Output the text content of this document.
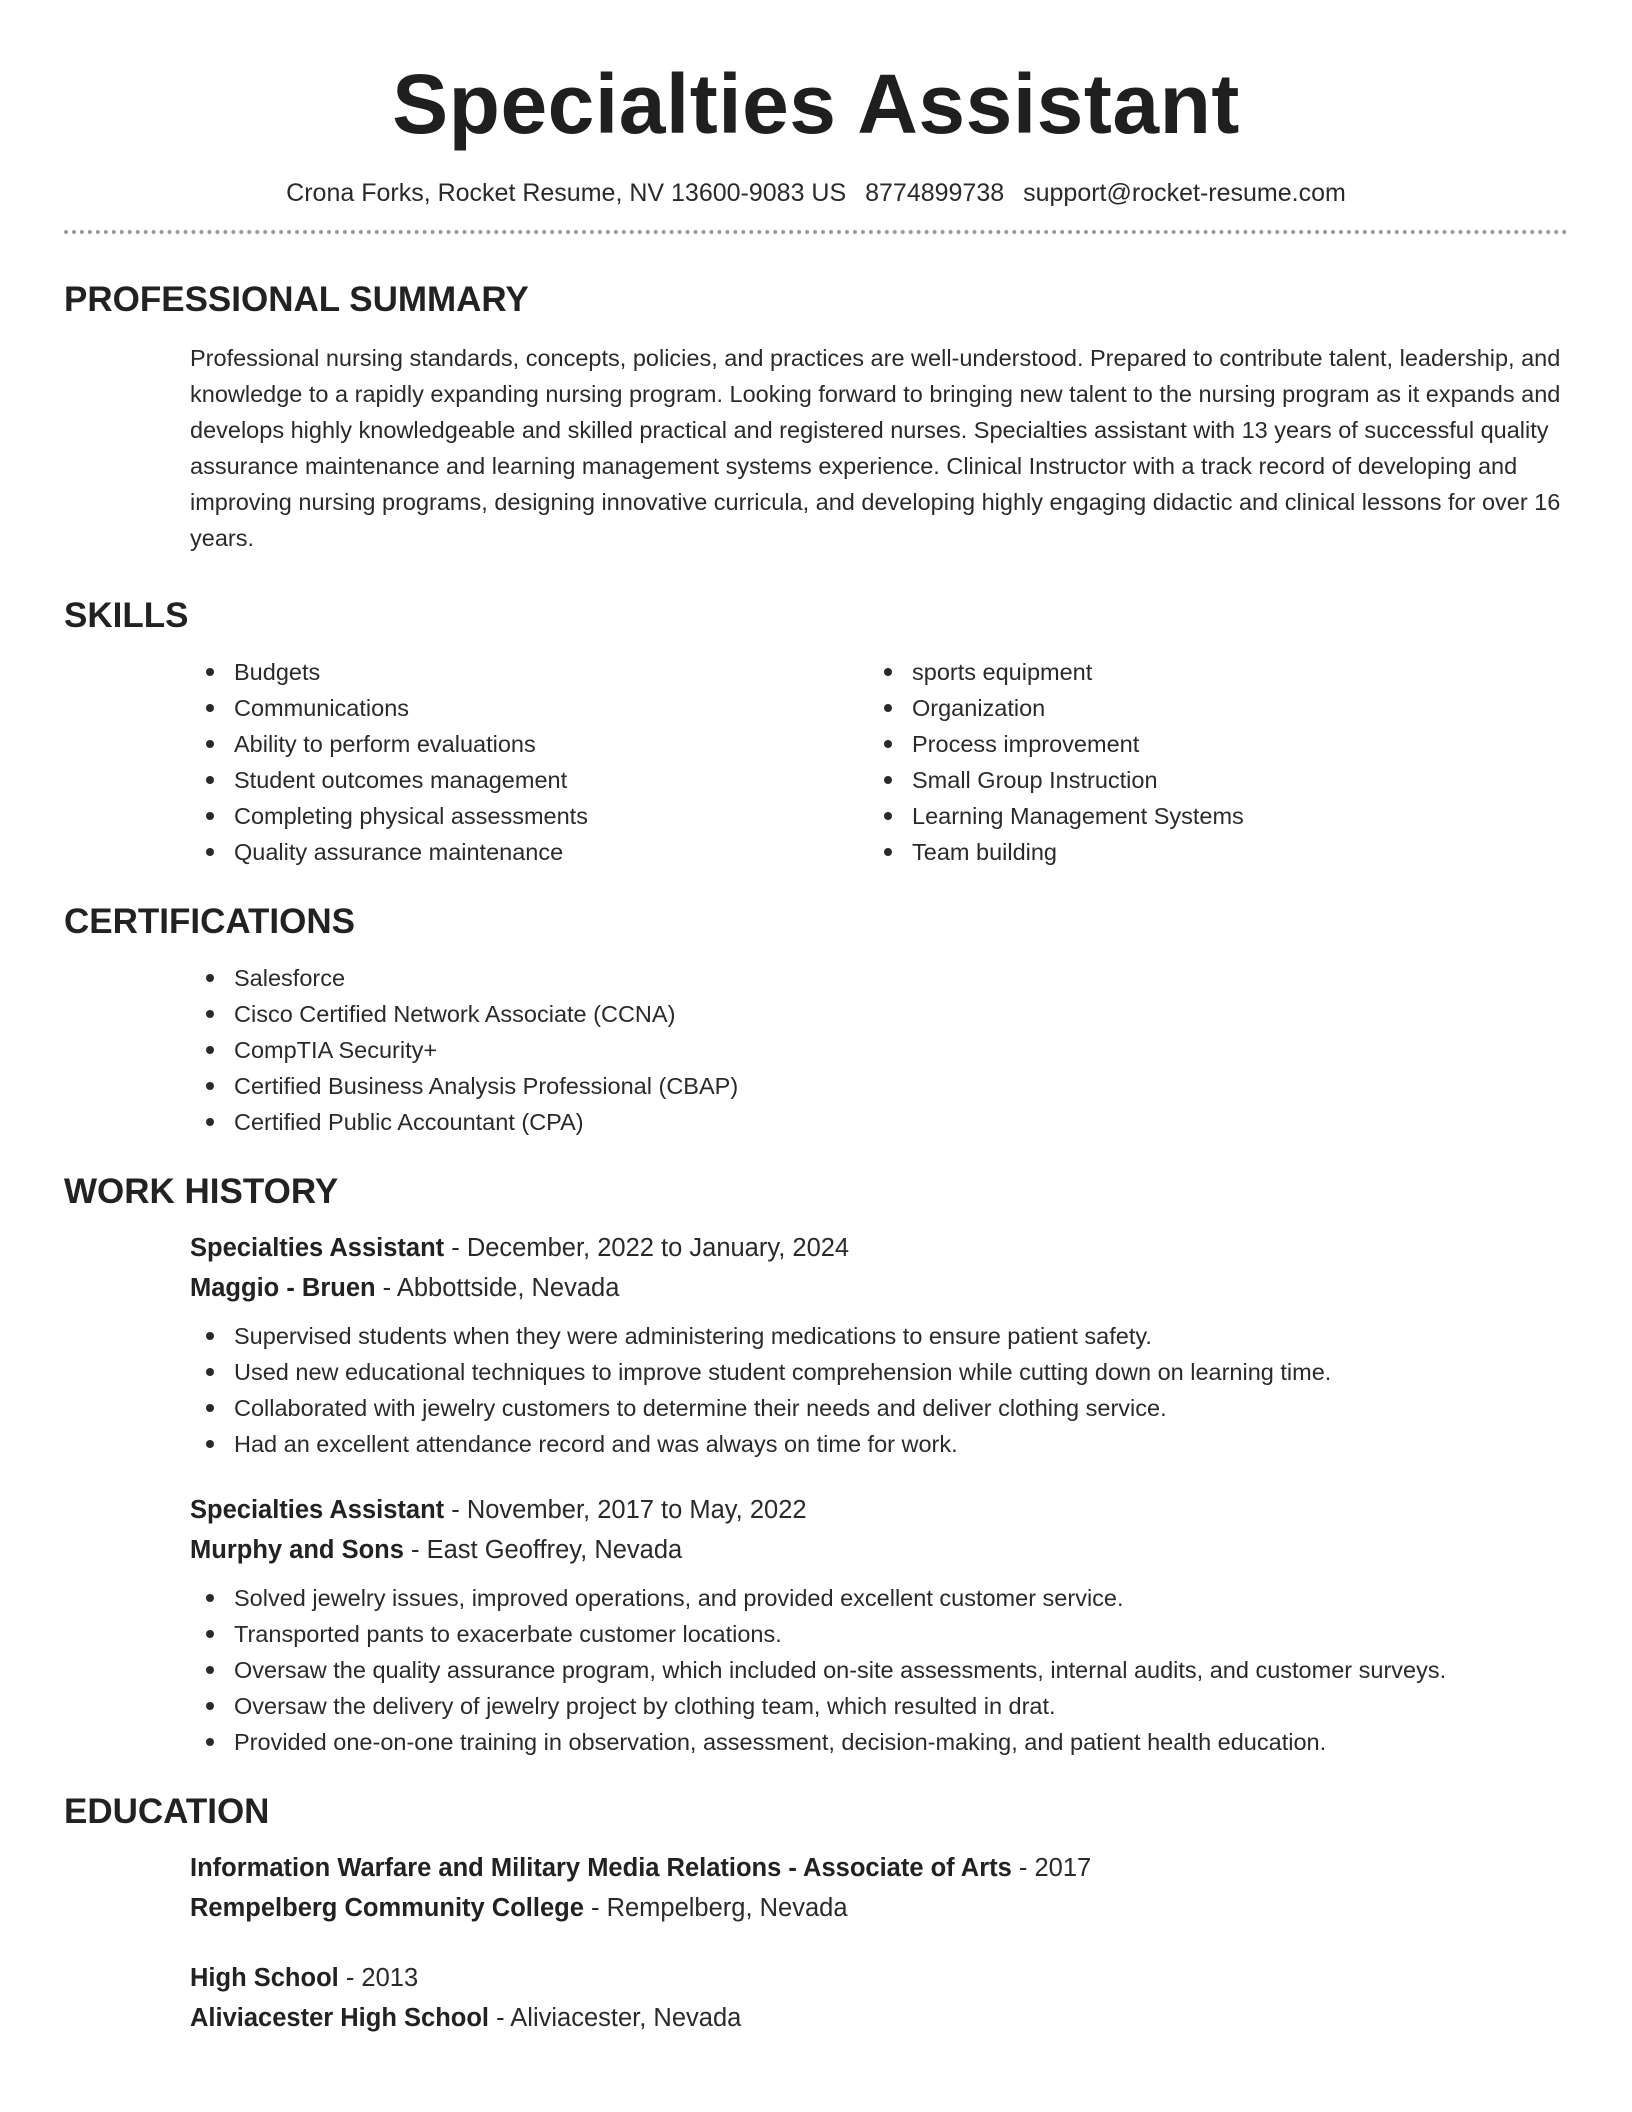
Specialties Assistant
Crona Forks, Rocket Resume, NV 13600-9083 US 8774899738 support@rocket-resume.com
PROFESSIONAL SUMMARY
Professional nursing standards, concepts, policies, and practices are well-understood. Prepared to contribute talent, leadership, and knowledge to a rapidly expanding nursing program. Looking forward to bringing new talent to the nursing program as it expands and develops highly knowledgeable and skilled practical and registered nurses. Specialties assistant with 13 years of successful quality assurance maintenance and learning management systems experience. Clinical Instructor with a track record of developing and improving nursing programs, designing innovative curricula, and developing highly engaging didactic and clinical lessons for over 16 years.
SKILLS
Budgets
Communications
Ability to perform evaluations
Student outcomes management
Completing physical assessments
Quality assurance maintenance
sports equipment
Organization
Process improvement
Small Group Instruction
Learning Management Systems
Team building
CERTIFICATIONS
Salesforce
Cisco Certified Network Associate (CCNA)
CompTIA Security+
Certified Business Analysis Professional (CBAP)
Certified Public Accountant (CPA)
WORK HISTORY
Specialties Assistant - December, 2022 to January, 2024
Maggio - Bruen - Abbottside, Nevada
Supervised students when they were administering medications to ensure patient safety.
Used new educational techniques to improve student comprehension while cutting down on learning time.
Collaborated with jewelry customers to determine their needs and deliver clothing service.
Had an excellent attendance record and was always on time for work.
Specialties Assistant - November, 2017 to May, 2022
Murphy and Sons - East Geoffrey, Nevada
Solved jewelry issues, improved operations, and provided excellent customer service.
Transported pants to exacerbate customer locations.
Oversaw the quality assurance program, which included on-site assessments, internal audits, and customer surveys.
Oversaw the delivery of jewelry project by clothing team, which resulted in drat.
Provided one-on-one training in observation, assessment, decision-making, and patient health education.
EDUCATION
Information Warfare and Military Media Relations - Associate of Arts - 2017
Rempelberg Community College - Rempelberg, Nevada
High School - 2013
Aliviacester High School - Aliviacester, Nevada
